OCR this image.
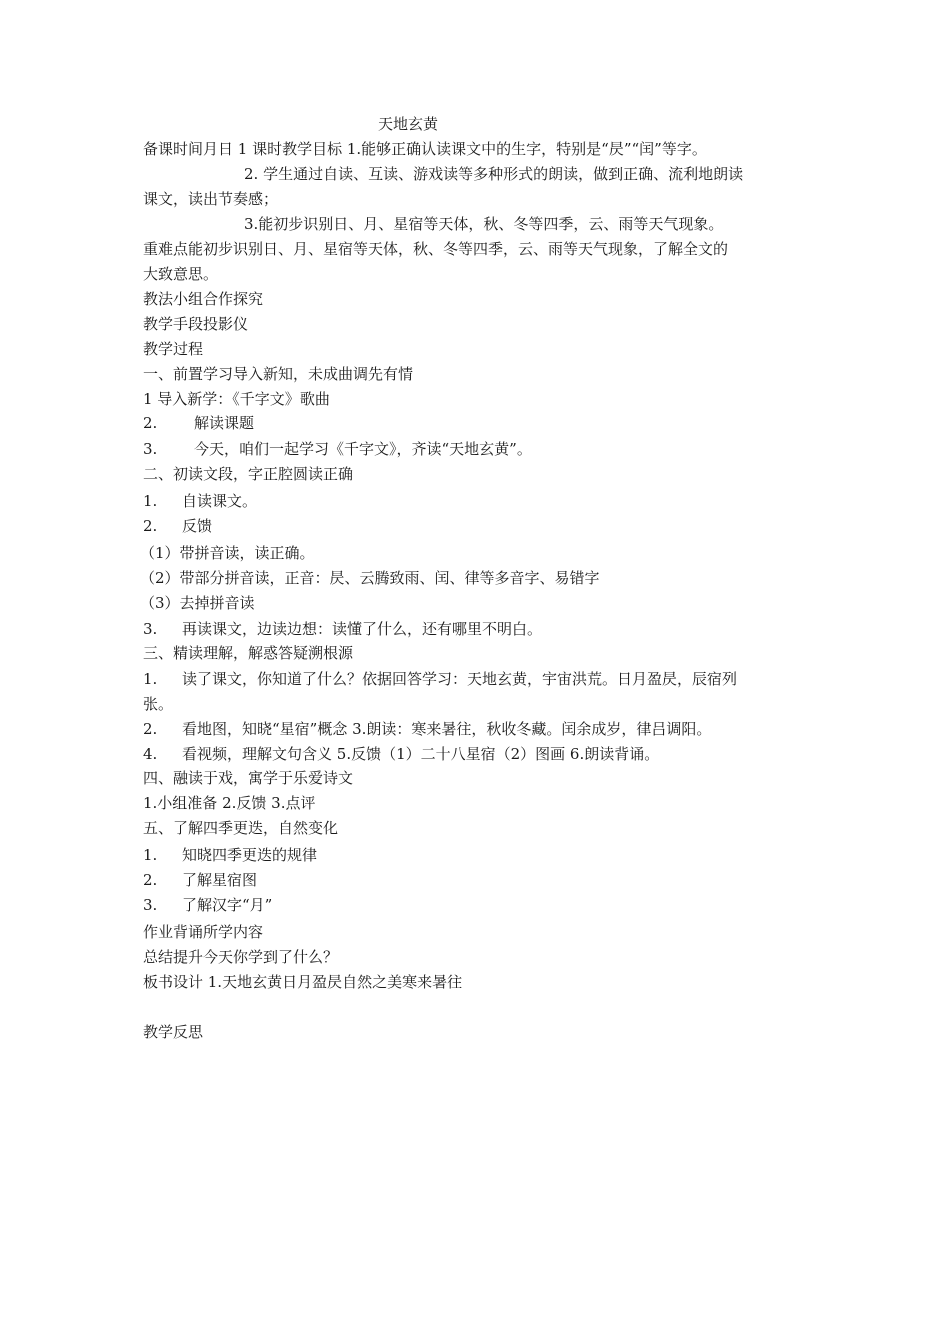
天地玄黄
备课时间月日 1 课时教学目标 1.能够正确认读课文中的生字，特别是“昃”“闰”等字。
2. 学生通过自读、互读、游戏读等多种形式的朗读，做到正确、流利地朗读
课文，读出节奏感；
3.能初步识别日、月、星宿等天体，秋、冬等四季，云、雨等天气现象。
重难点能初步识别日、月、星宿等天体，秋、冬等四季，云、雨等天气现象，了解全文的
大致意思。
教法小组合作探究
教学手段投影仪
教学过程
一、前置学习导入新知，未成曲调先有情
1 导入新学：《千字文》歌曲
2. 解读课题
3. 今天，咱们一起学习《千字文》，齐读“天地玄黄”。
二、初读文段，字正腔圆读正确
1. 自读课文。
2. 反馈
（1）带拼音读，读正确。
（2）带部分拼音读，正音：昃、云腾致雨、闰、律等多音字、易错字
（3）去掉拼音读
3. 再读课文，边读边想：读懂了什么，还有哪里不明白。
三、精读理解，解惑答疑溯根源
1. 读了课文，你知道了什么？依据回答学习：天地玄黄，宇宙洪荒。日月盈昃，辰宿列
张。
2. 看地图，知晓“星宿”概念 3.朗读：寒来暑往，秋收冬藏。闰余成岁，律吕调阳。
4. 看视频，理解文句含义 5.反馈（1）二十八星宿（2）图画 6.朗读背诵。
四、融读于戏，寓学于乐爱诗文
1.小组准备 2.反馈 3.点评
五、了解四季更迭，自然变化
1. 知晓四季更迭的规律
2. 了解星宿图
3. 了解汉字“月”
作业背诵所学内容
总结提升今天你学到了什么？
板书设计 1.天地玄黄日月盈昃自然之美寒来暑往
教学反思
